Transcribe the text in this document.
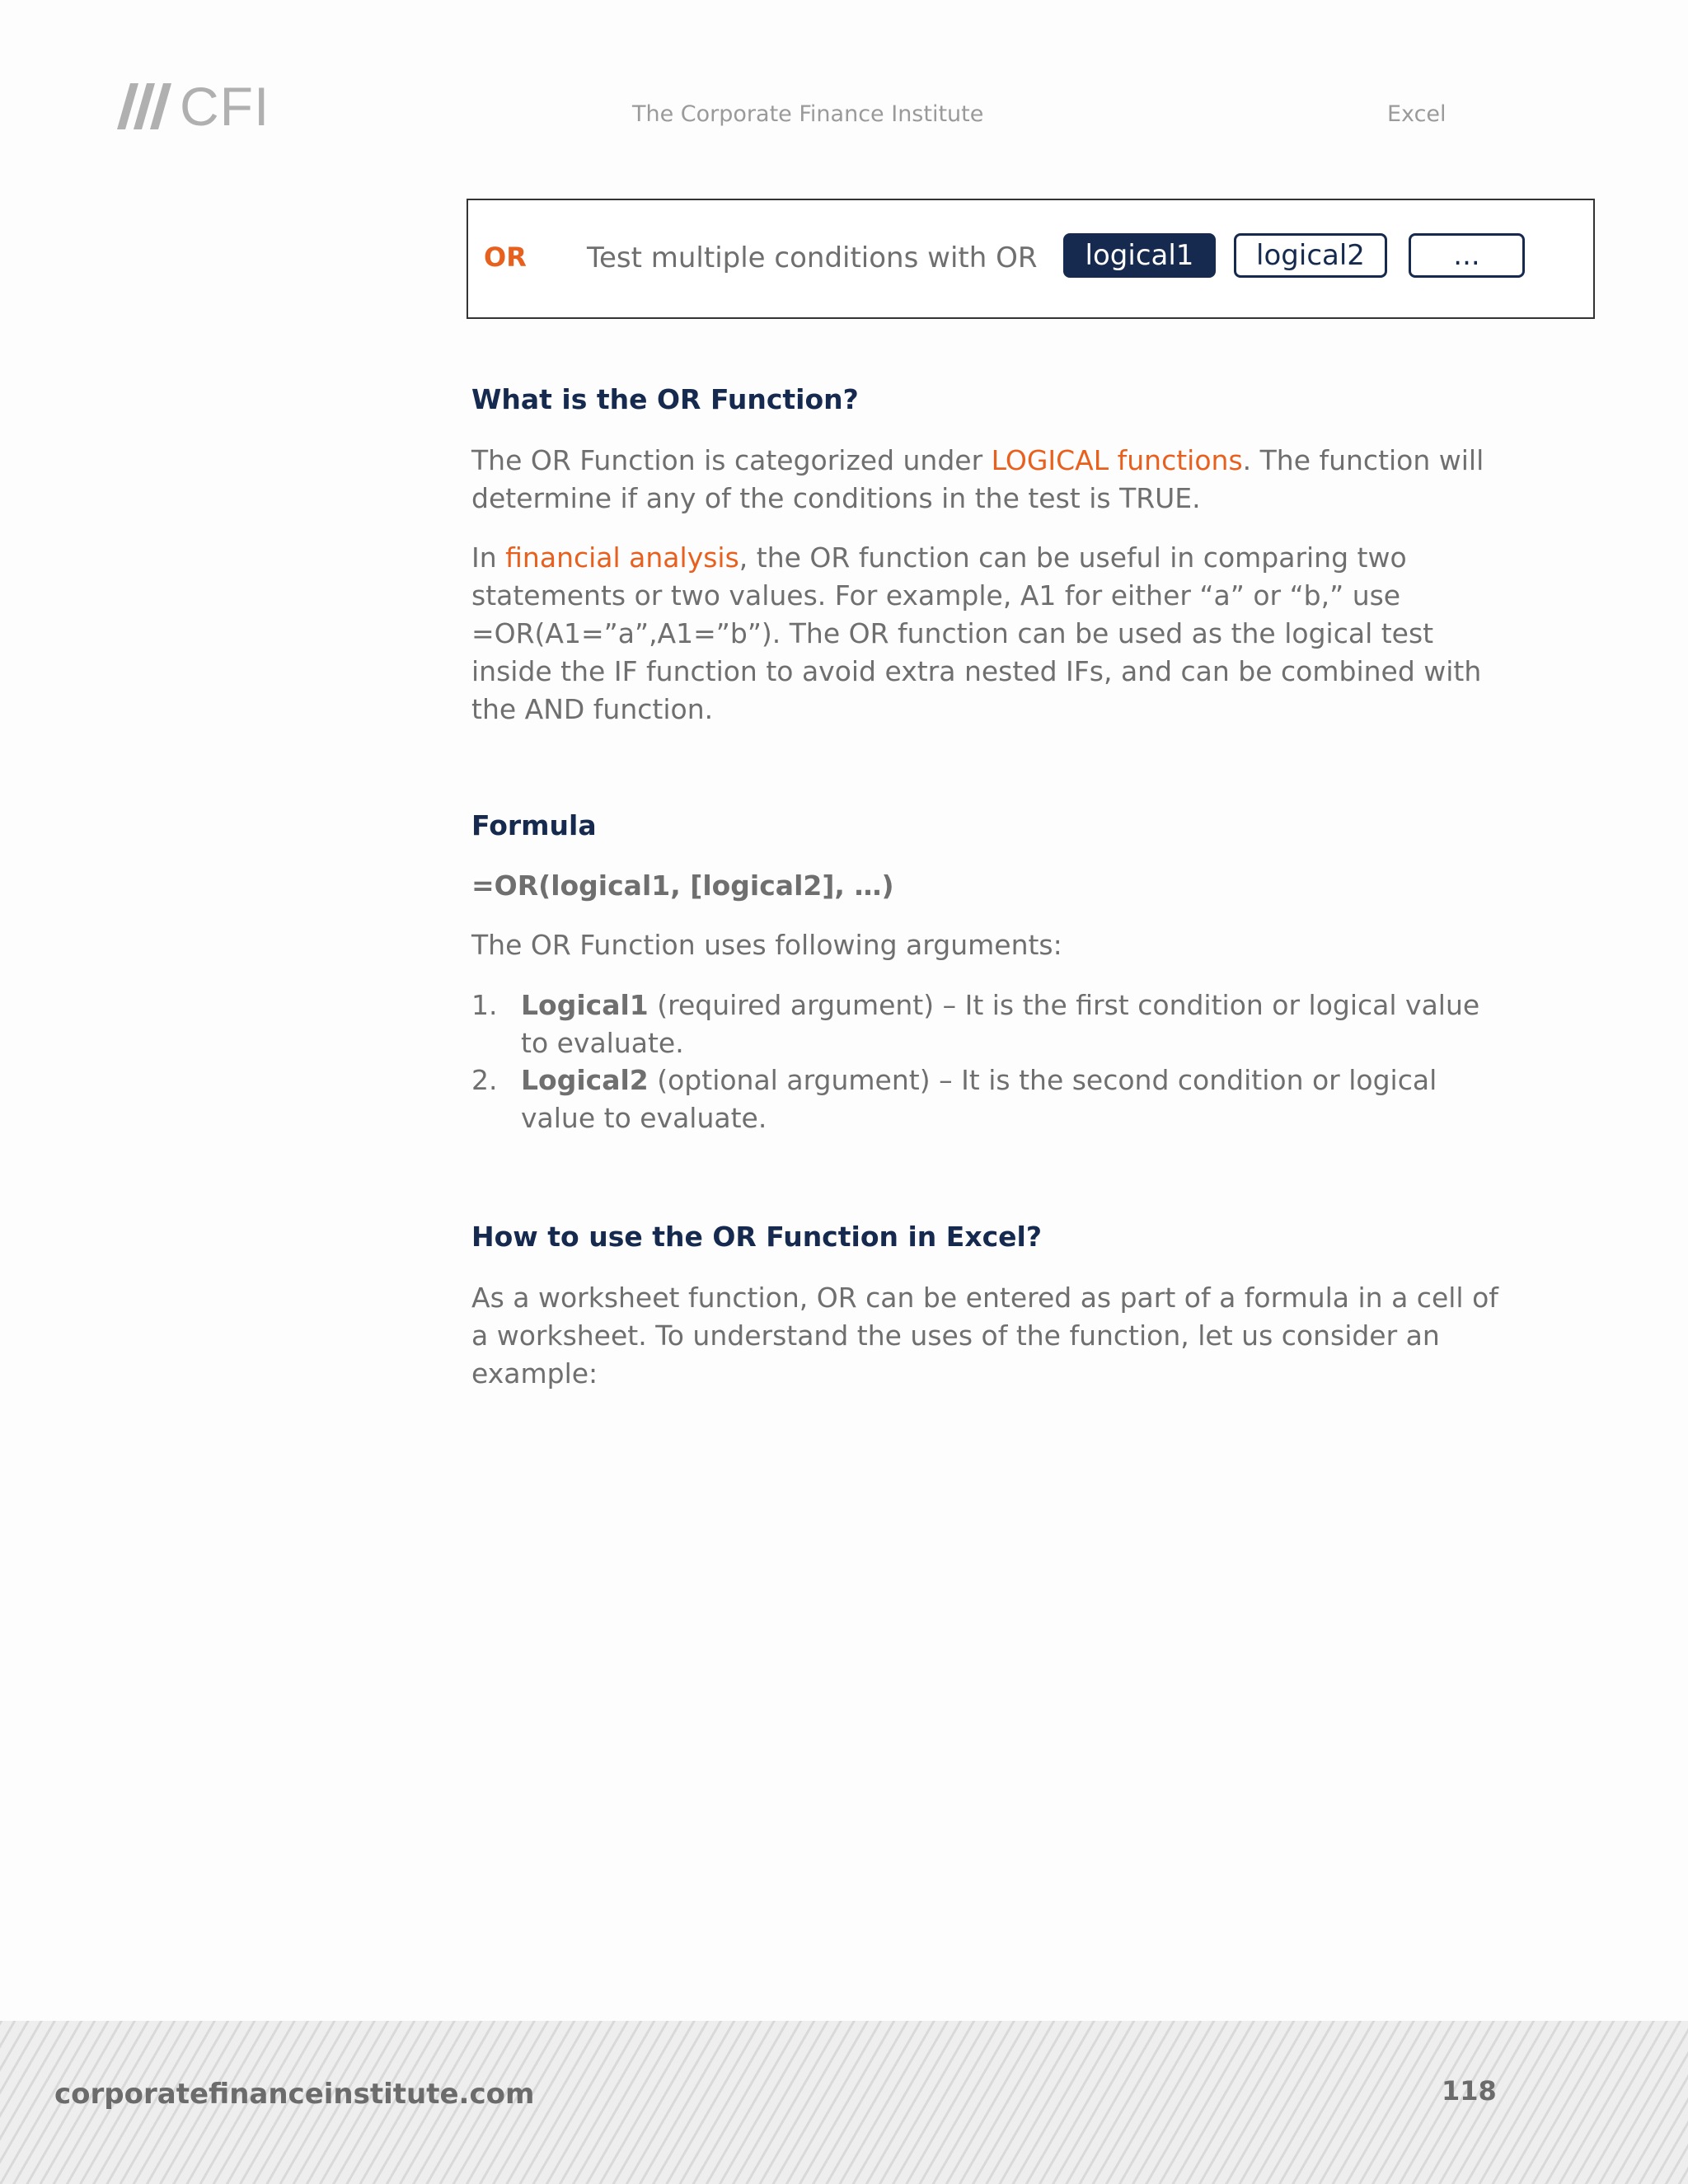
CFI	The Corporate Finance Institute	Excel
OR Test multiple conditions with OR	logical1	logical2	...
What is the OR Function?
The OR Function is categorized under LOGICAL functions. The function will determine if any of the conditions in the test is TRUE.
In financial analysis, the OR function can be useful in comparing two statements or two values. For example, A1 for either “a” or “b,” use =OR(A1=”a”,A1=”b”). The OR function can be used as the logical test inside the IF function to avoid extra nested IFs, and can be combined with the AND function.
Formula
=OR(logical1, [logical2], …)
The OR Function uses following arguments:
1. Logical1 (required argument) – It is the first condition or logical value to evaluate.
2. Logical2 (optional argument) – It is the second condition or logical value to evaluate.
How to use the OR Function in Excel?
As a worksheet function, OR can be entered as part of a formula in a cell of a worksheet. To understand the uses of the function, let us consider an example:
corporatefinanceinstitute.com	118
